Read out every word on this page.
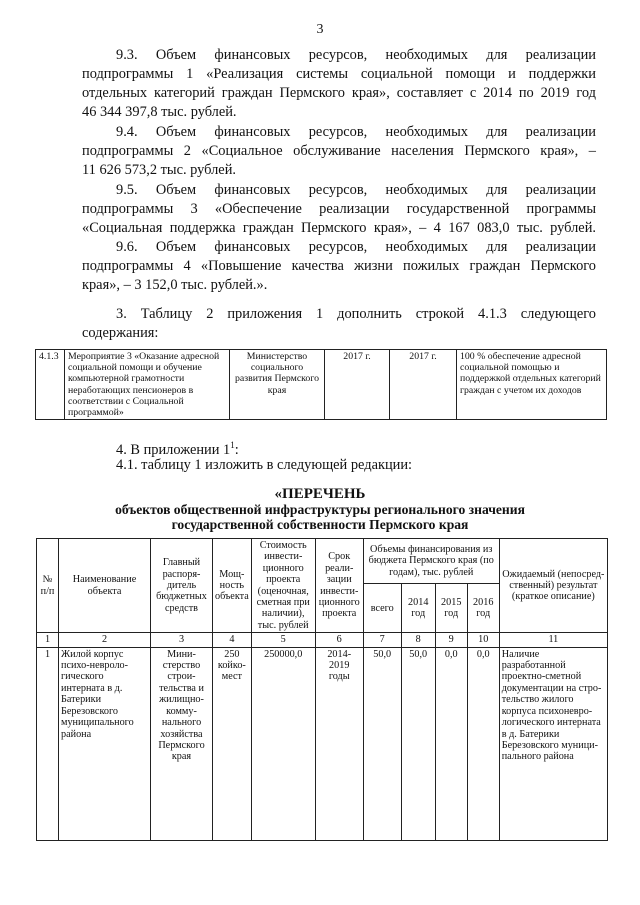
3
9.3. Объем финансовых ресурсов, необходимых для реализации
подпрограммы 1 «Реализация системы социальной помощи и поддержки
отдельных категорий граждан Пермского края», составляет с 2014 по 2019 год
46 344 397,8 тыс. рублей.
9.4. Объем финансовых ресурсов, необходимых для реализации
подпрограммы 2 «Социальное обслуживание населения Пермского края», –
11 626 573,2 тыс. рублей.
9.5. Объем финансовых ресурсов, необходимых для реализации
подпрограммы 3 «Обеспечение реализации государственной программы
«Социальная поддержка граждан Пермского края», – 4 167 083,0 тыс. рублей.
9.6. Объем финансовых ресурсов, необходимых для реализации
подпрограммы 4 «Повышение качества жизни пожилых граждан Пермского
края», – 3 152,0 тыс. рублей.».
3. Таблицу 2 приложения 1 дополнить строкой 4.1.3 следующего
содержания:
4.1.3	Мероприятие 3 «Оказание адресной социальной помощи и обучение компьютерной грамотности неработающих пенсионеров в соответствии с Социальной программой»	Министерство социального развития Пермского края	2017 г.	2017 г.	100 % обеспечение адресной социальной помощью и поддержкой отдельных категорий граждан с учетом их доходов
4. В приложении $1^1$:
4.1. таблицу 1 изложить в следующей редакции:
«ПЕРЕЧЕНЬ
объектов общественной инфраструктуры регионального значения
государственной собственности Пермского края
№ п/п	Наименование объекта	Главный распоря-дитель бюджетных средств	Мощ-ность объекта	Стоимость инвести-ционного проекта (оценочная, сметная при наличии), тыс. рублей	Срок реали-зации инвести-ционного проекта	Объемы финансирования из бюджета Пермского края (по годам), тыс. рублей				Ожидаемый (непосред-ственный) результат (краткое описание)
						всего	2014 год	2015 год	2016 год	
1	2	3	4	5	6	7	8	9	10	11
1	Жилой корпус психо-невроло-гического интерната в д. Батерики Березовского муниципального района	Мини-стерство строи-тельства и жилищно-комму-нального хозяйства Пермского края	250 койко-мест	250000,0	2014-2019 годы	50,0	50,0	0,0	0,0	Наличие разработанной проектно-сметной документации на стро-тельство жилого корпуса психоневро-логического интерната в д. Батерики Березовского муници-пального района
